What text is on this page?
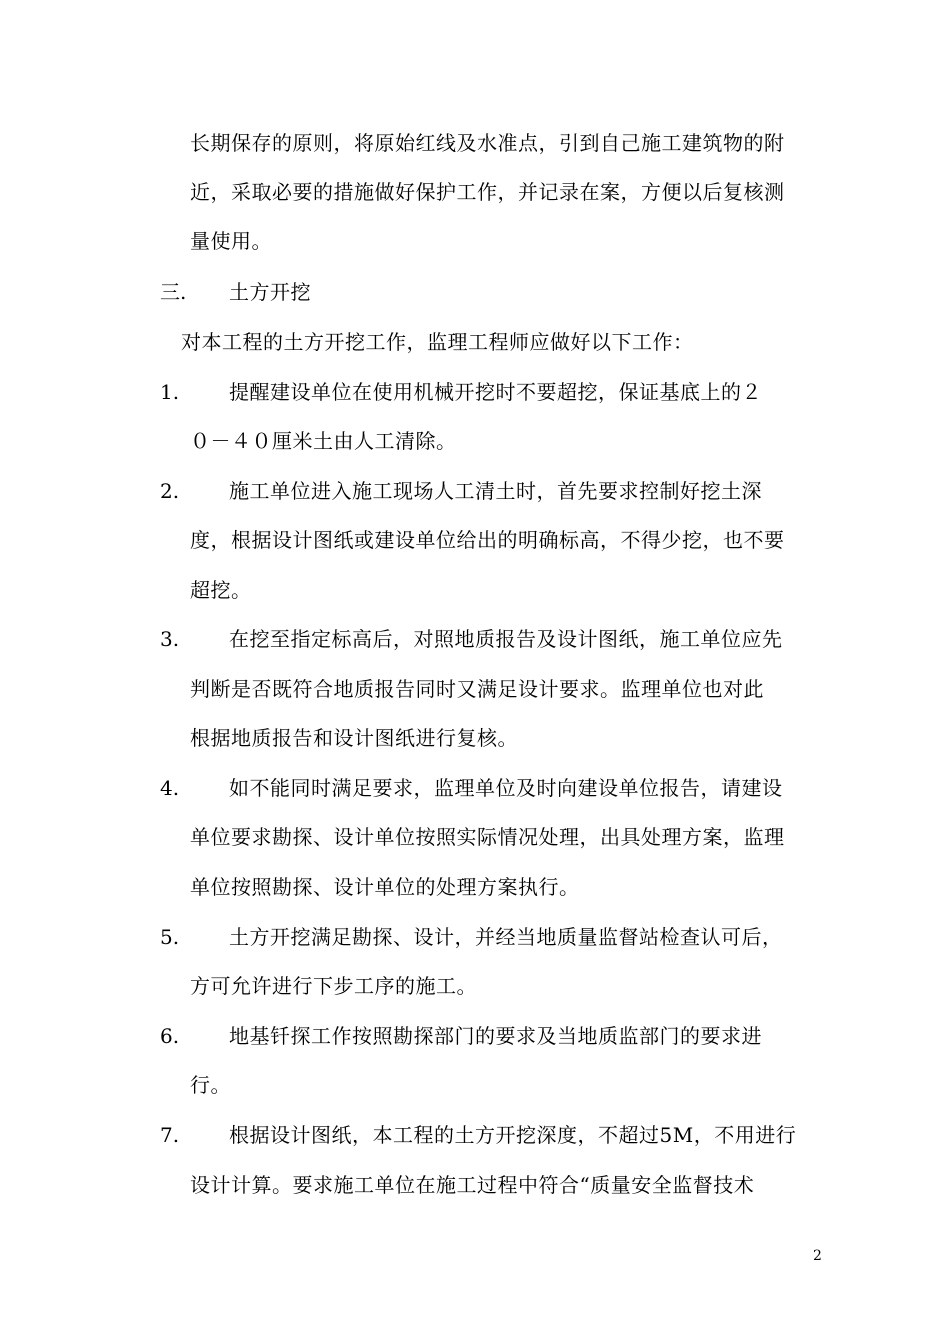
长期保存的原则，将原始红线及水准点，引到自己施工建筑物的附
近，采取必要的措施做好保护工作，并记录在案，方便以后复核测
量使用。
三. 土方开挖
对本工程的土方开挖工作，监理工程师应做好以下工作：
1. 提醒建设单位在使用机械开挖时不要超挖，保证基底上的２
０－４０厘米土由人工清除。
2. 施工单位进入施工现场人工清土时，首先要求控制好挖土深
度，根据设计图纸或建设单位给出的明确标高，不得少挖，也不要
超挖。
3. 在挖至指定标高后，对照地质报告及设计图纸，施工单位应先
判断是否既符合地质报告同时又满足设计要求。监理单位也对此
根据地质报告和设计图纸进行复核。
4. 如不能同时满足要求，监理单位及时向建设单位报告，请建设
单位要求勘探、设计单位按照实际情况处理，出具处理方案，监理
单位按照勘探、设计单位的处理方案执行。
5. 土方开挖满足勘探、设计，并经当地质量监督站检查认可后，
方可允许进行下步工序的施工。
6. 地基钎探工作按照勘探部门的要求及当地质监部门的要求进
行。
7. 根据设计图纸，本工程的土方开挖深度，不超过5M，不用进行
设计计算。要求施工单位在施工过程中符合“质量安全监督技术
2
